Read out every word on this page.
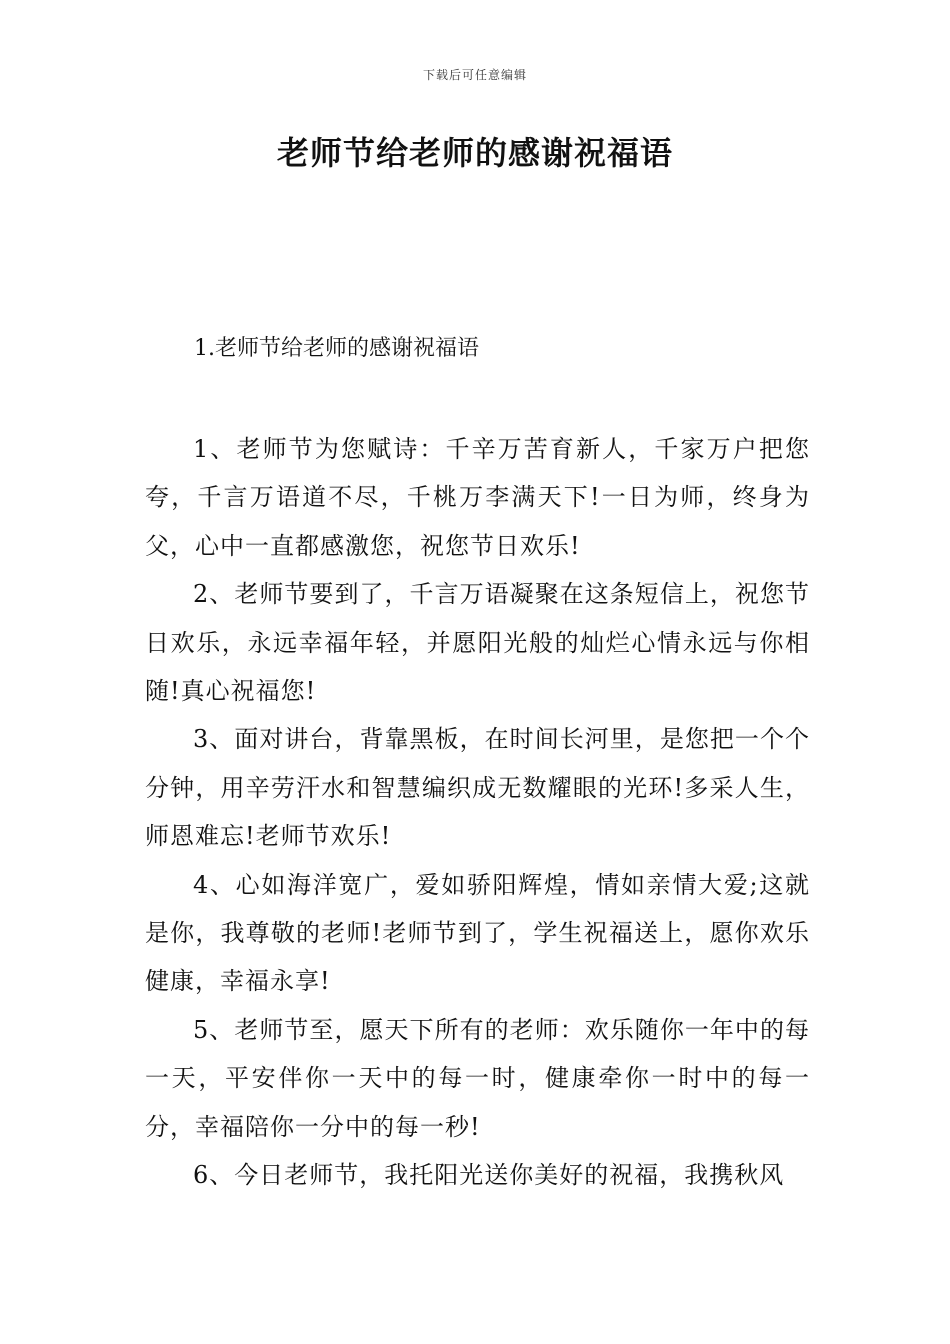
下载后可任意编辑
老师节给老师的感谢祝福语
1.老师节给老师的感谢祝福语

1、老师节为您赋诗：千辛万苦育新人，千家万户把您夸，千言万语道不尽，千桃万李满天下!一日为师，终身为父，心中一直都感激您，祝您节日欢乐!

2、老师节要到了，千言万语凝聚在这条短信上，祝您节日欢乐，永远幸福年轻，并愿阳光般的灿烂心情永远与你相随!真心祝福您!

3、面对讲台，背靠黑板，在时间长河里，是您把一个个分钟，用辛劳汗水和智慧编织成无数耀眼的光环!多采人生，师恩难忘!老师节欢乐!

4、心如海洋宽广，爱如骄阳辉煌，情如亲情大爱;这就是你，我尊敬的老师!老师节到了，学生祝福送上，愿你欢乐健康，幸福永享!

5、老师节至，愿天下所有的老师：欢乐随你一年中的每一天，平安伴你一天中的每一时，健康牵你一时中的每一分，幸福陪你一分中的每一秒!

6、今日老师节，我托阳光送你美好的祝福，我携秋风
